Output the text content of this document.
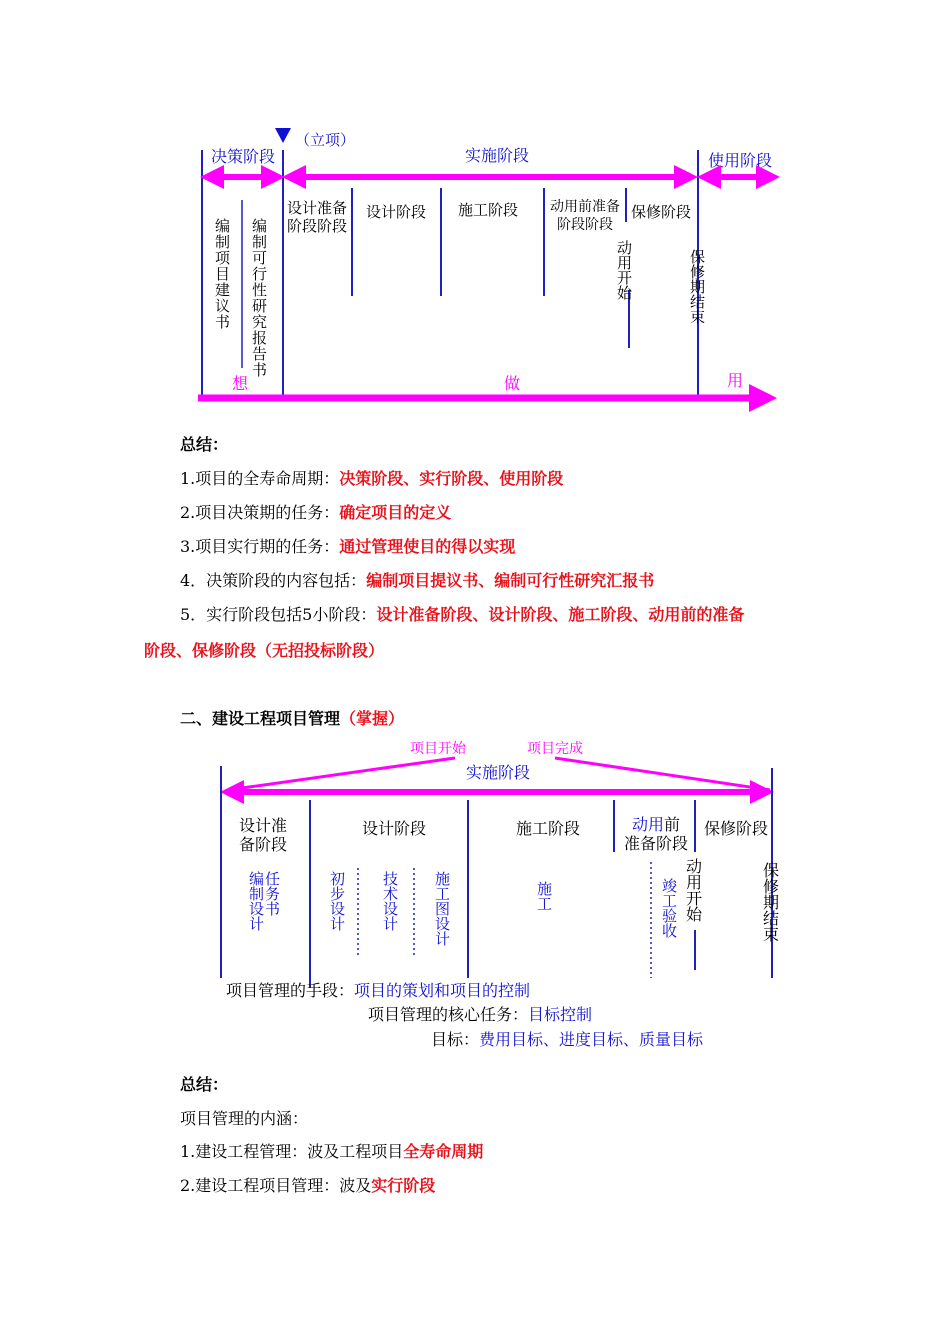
（立项）
决策阶段	实施阶段	使用阶段
设计准备
阶段阶段
设计阶段 施工阶段 动用前准备
阶段阶段
保修阶段
编制项目建议书 编制可行性研究报告书	动用开始	保修期结束
想	做	用

总结：

1.项目的全寿命周期：决策阶段、实行阶段、使用阶段

2.项目决策期的任务：确定项目的定义

3.项目实行期的任务：通过管理使目的得以实现

4．决策阶段的内容包括：编制项目提议书、编制可行性研究汇报书

5．实行阶段包括5小阶段：设计准备阶段、设计阶段、施工阶段、动用前的准备

阶段、保修阶段（无招投标阶段）

二、建设工程项目管理（掌握）

项目开始	项目完成
实施阶段
设计准
备阶段
设计阶段	施工阶段	动用前
准备阶段
保修阶段
编制设计
任务书	初步设计 技术设计 施工图设计	施工	竣工验收 动用开始	保修期结束
项目管理的手段：项目的策划和项目的控制
项目管理的核心任务：目标控制
目标：费用目标、进度目标、质量目标

总结：

项目管理的内涵：

1.建设工程管理：波及工程项目全寿命周期

2.建设工程项目管理：波及实行阶段
